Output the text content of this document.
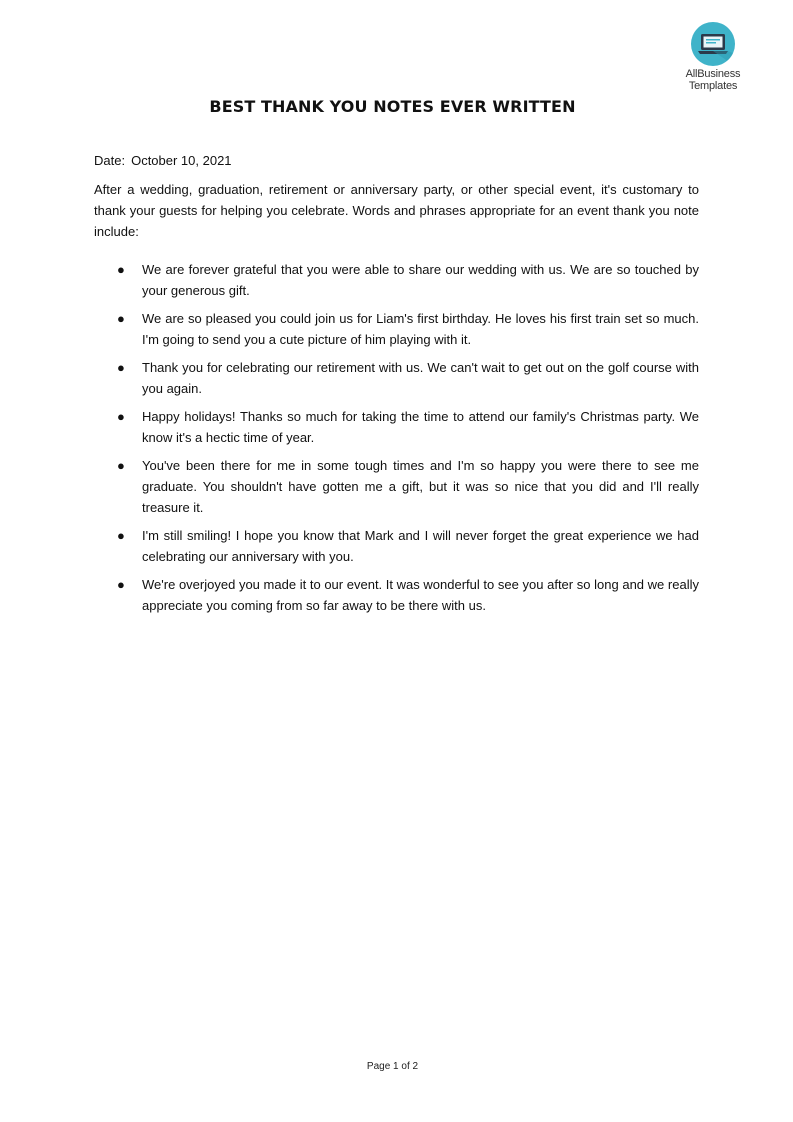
AllBusiness
Templates
BEST THANK YOU NOTES EVER WRITTEN

Date: October 10, 2021

After a wedding, graduation, retirement or anniversary party, or other special event, it's customary to thank your guests for helping you celebrate. Words and phrases appropriate for an event thank you note include:

● We are forever grateful that you were able to share our wedding with us. We are so touched by your generous gift.
● We are so pleased you could join us for Liam's first birthday. He loves his first train set so much. I'm going to send you a cute picture of him playing with it.
● Thank you for celebrating our retirement with us. We can't wait to get out on the golf course with you again.
● Happy holidays! Thanks so much for taking the time to attend our family's Christmas party. We know it's a hectic time of year.
● You've been there for me in some tough times and I'm so happy you were there to see me graduate. You shouldn't have gotten me a gift, but it was so nice that you did and I'll really treasure it.
● I'm still smiling! I hope you know that Mark and I will never forget the great experience we had celebrating our anniversary with you.
● We're overjoyed you made it to our event. It was wonderful to see you after so long and we really appreciate you coming from so far away to be there with us.
Page 1 of 2
